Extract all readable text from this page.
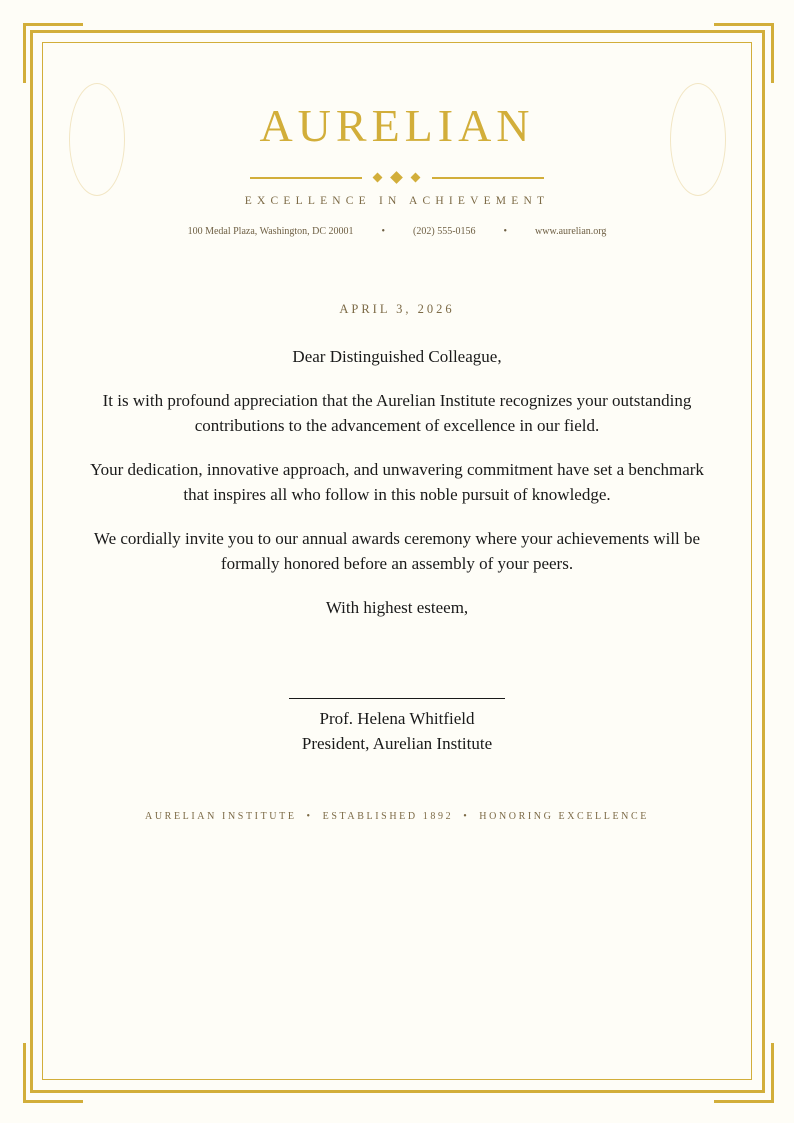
AURELIAN
EXCELLENCE IN ACHIEVEMENT
100 Medal Plaza, Washington, DC 20001	•	(202) 555-0156	•	www.aurelian.org
APRIL 3, 2026

Dear Distinguished Colleague,

It is with profound appreciation that the Aurelian Institute recognizes your outstanding contributions to the advancement of excellence in our field.

Your dedication, innovative approach, and unwavering commitment have set a benchmark that inspires all who follow in this noble pursuit of knowledge.

We cordially invite you to our annual awards ceremony where your achievements will be formally honored before an assembly of your peers.

With highest esteem,

Prof. Helena Whitfield
President, Aurelian Institute
AURELIAN INSTITUTE • ESTABLISHED 1892 • HONORING EXCELLENCE
